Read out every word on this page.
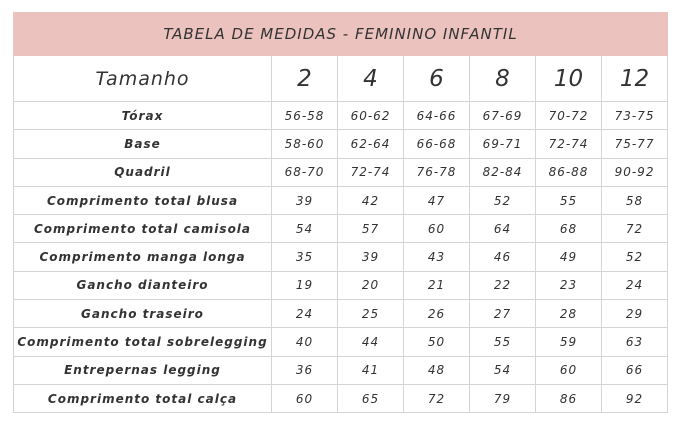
TABELA DE MEDIDAS - FEMININO INFANTIL						
Tamanho	2	4	6	8	10	12
Tórax	56-58	60-62	64-66	67-69	70-72	73-75
Base	58-60	62-64	66-68	69-71	72-74	75-77
Quadril	68-70	72-74	76-78	82-84	86-88	90-92
Comprimento total blusa	39	42	47	52	55	58
Comprimento total camisola	54	57	60	64	68	72
Comprimento manga longa	35	39	43	46	49	52
Gancho dianteiro	19	20	21	22	23	24
Gancho traseiro	24	25	26	27	28	29
Comprimento total sobrelegging	40	44	50	55	59	63
Entrepernas legging	36	41	48	54	60	66
Comprimento total calça	60	65	72	79	86	92
